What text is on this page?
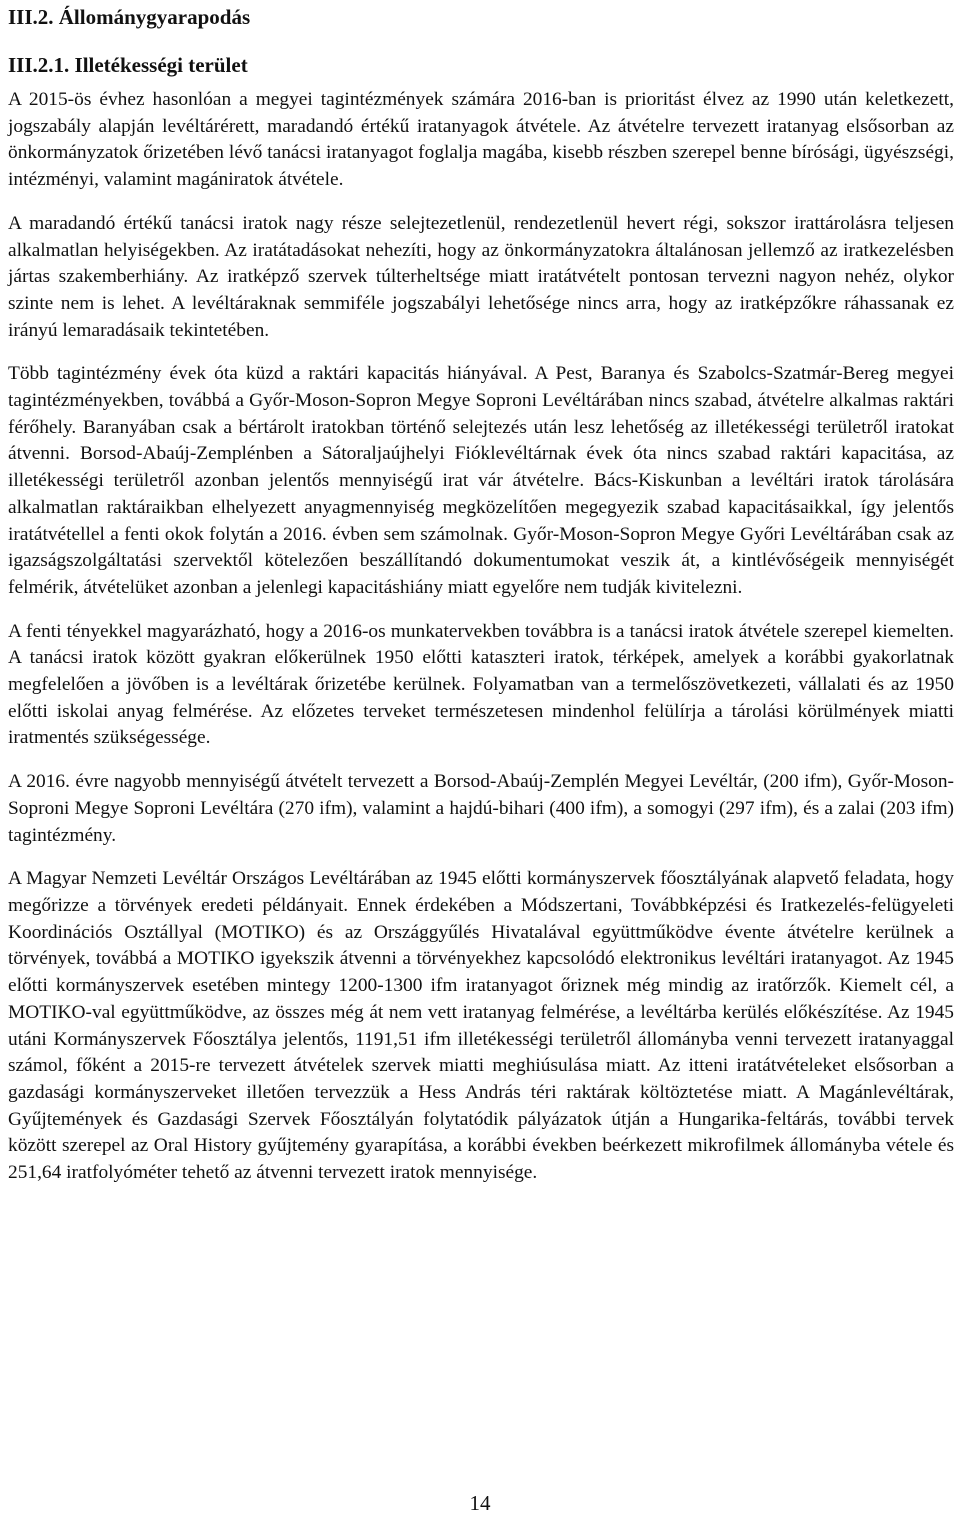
III.2. Állománygyarapodás
III.2.1. Illetékességi terület

A 2015-ös évhez hasonlóan a megyei tagintézmények számára 2016-ban is prioritást élvez az 1990 után keletkezett, jogszabály alapján levéltárérett, maradandó értékű iratanyagok átvétele. Az átvételre tervezett iratanyag elsősorban az önkormányzatok őrizetében lévő tanácsi iratanyagot foglalja magába, kisebb részben szerepel benne bírósági, ügyészségi, intézményi, valamint magániratok átvétele.

A maradandó értékű tanácsi iratok nagy része selejtezetlenül, rendezetlenül hevert régi, sokszor irattárolásra teljesen alkalmatlan helyiségekben. Az iratátadásokat nehezíti, hogy az önkormányzatokra általánosan jellemző az iratkezelésben jártas szakemberhiány. Az iratképző szervek túlterheltsége miatt iratátvételt pontosan tervezni nagyon nehéz, olykor szinte nem is lehet. A levéltáraknak semmiféle jogszabályi lehetősége nincs arra, hogy az iratképzőkre ráhassanak ez irányú lemaradásaik tekintetében.

Több tagintézmény évek óta küzd a raktári kapacitás hiányával. A Pest, Baranya és Szabolcs-Szatmár-Bereg megyei tagintézményekben, továbbá a Győr-Moson-Sopron Megye Soproni Levéltárában nincs szabad, átvételre alkalmas raktári férőhely. Baranyában csak a bértárolt iratokban történő selejtezés után lesz lehetőség az illetékességi területről iratokat átvenni. Borsod-Abaúj-Zemplénben a Sátoraljaújhelyi Fióklevéltárnak évek óta nincs szabad raktári kapacitása, az illetékességi területről azonban jelentős mennyiségű irat vár átvételre. Bács-Kiskunban a levéltári iratok tárolására alkalmatlan raktáraikban elhelyezett anyagmennyiség megközelítően megegyezik szabad kapacitásaikkal, így jelentős iratátvétellel a fenti okok folytán a 2016. évben sem számolnak. Győr-Moson-Sopron Megye Győri Levéltárában csak az igazságszolgáltatási szervektől kötelezően beszállítandó dokumentumokat veszik át, a kintlévőségeik mennyiségét felmérik, átvételüket azonban a jelenlegi kapacitáshiány miatt egyelőre nem tudják kivitelezni.

A fenti tényekkel magyarázható, hogy a 2016-os munkatervekben továbbra is a tanácsi iratok átvétele szerepel kiemelten. A tanácsi iratok között gyakran előkerülnek 1950 előtti kataszteri iratok, térképek, amelyek a korábbi gyakorlatnak megfelelően a jövőben is a levéltárak őrizetébe kerülnek. Folyamatban van a termelőszövetkezeti, vállalati és az 1950 előtti iskolai anyag felmérése. Az előzetes terveket természetesen mindenhol felülírja a tárolási körülmények miatti iratmentés szükségessége.

A 2016. évre nagyobb mennyiségű átvételt tervezett a Borsod-Abaúj-Zemplén Megyei Levéltár, (200 ifm), Győr-Moson-Soproni Megye Soproni Levéltára (270 ifm), valamint a hajdú-bihari (400 ifm), a somogyi (297 ifm), és a zalai (203 ifm) tagintézmény.

A Magyar Nemzeti Levéltár Országos Levéltárában az 1945 előtti kormányszervek főosztályának alapvető feladata, hogy megőrizze a törvények eredeti példányait. Ennek érdekében a Módszertani, Továbbképzési és Iratkezelés-felügyeleti Koordinációs Osztállyal (MOTIKO) és az Országgyűlés Hivatalával együttműködve évente átvételre kerülnek a törvények, továbbá a MOTIKO igyekszik átvenni a törvényekhez kapcsolódó elektronikus levéltári iratanyagot. Az 1945 előtti kormányszervek esetében mintegy 1200-1300 ifm iratanyagot őriznek még mindig az iratőrzők. Kiemelt cél, a MOTIKO-val együttműködve, az összes még át nem vett iratanyag felmérése, a levéltárba kerülés előkészítése. Az 1945 utáni Kormányszervek Főosztálya jelentős, 1191,51 ifm illetékességi területről állományba venni tervezett iratanyaggal számol, főként a 2015-re tervezett átvételek szervek miatti meghiúsulása miatt. Az itteni iratátvételeket elsősorban a gazdasági kormányszerveket illetően tervezzük a Hess András téri raktárak költöztetése miatt. A Magánlevéltárak, Gyűjtemények és Gazdasági Szervek Főosztályán folytatódik pályázatok útján a Hungarika-feltárás, további tervek között szerepel az Oral History gyűjtemény gyarapítása, a korábbi években beérkezett mikrofilmek állományba vétele és 251,64 iratfolyóméter tehető az átvenni tervezett iratok mennyisége.

14
